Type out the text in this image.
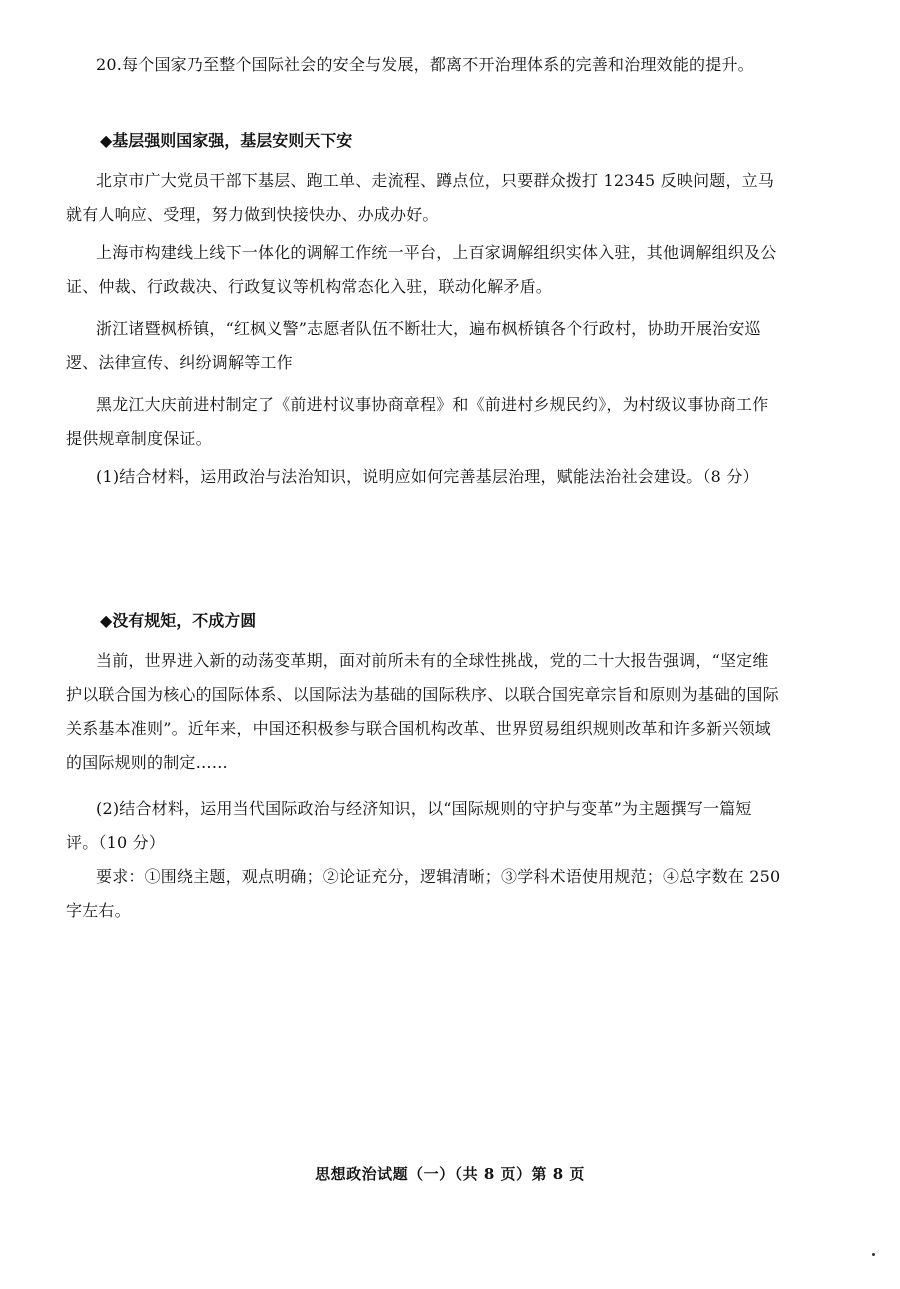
20.每个国家乃至整个国际社会的安全与发展，都离不开治理体系的完善和治理效能的提升。
◆基层强则国家强，基层安则天下安
北京市广大党员干部下基层、跑工单、走流程、蹲点位，只要群众拨打 12345 反映问题，立马就有人响应、受理，努力做到快接快办、办成办好。
上海市构建线上线下一体化的调解工作统一平台，上百家调解组织实体入驻，其他调解组织及公证、仲裁、行政裁决、行政复议等机构常态化入驻，联动化解矛盾。
浙江诸暨枫桥镇，“红枫义警”志愿者队伍不断壮大，遍布枫桥镇各个行政村，协助开展治安巡逻、法律宣传、纠纷调解等工作
黑龙江大庆前进村制定了《前进村议事协商章程》和《前进村乡规民约》，为村级议事协商工作提供规章制度保证。
(1)结合材料，运用政治与法治知识，说明应如何完善基层治理，赋能法治社会建设。（8 分）
◆没有规矩，不成方圆
当前，世界进入新的动荡变革期，面对前所未有的全球性挑战，党的二十大报告强调，“坚定维护以联合国为核心的国际体系、以国际法为基础的国际秩序、以联合国宪章宗旨和原则为基础的国际关系基本准则”。近年来，中国还积极参与联合国机构改革、世界贸易组织规则改革和许多新兴领域的国际规则的制定……
(2)结合材料，运用当代国际政治与经济知识，以“国际规则的守护与变革”为主题撰写一篇短评。（10 分）
要求：①围绕主题，观点明确；②论证充分，逻辑清晰；③学科术语使用规范；④总字数在 250 字左右。
思想政治试题（一）（共 8 页）第 8 页
